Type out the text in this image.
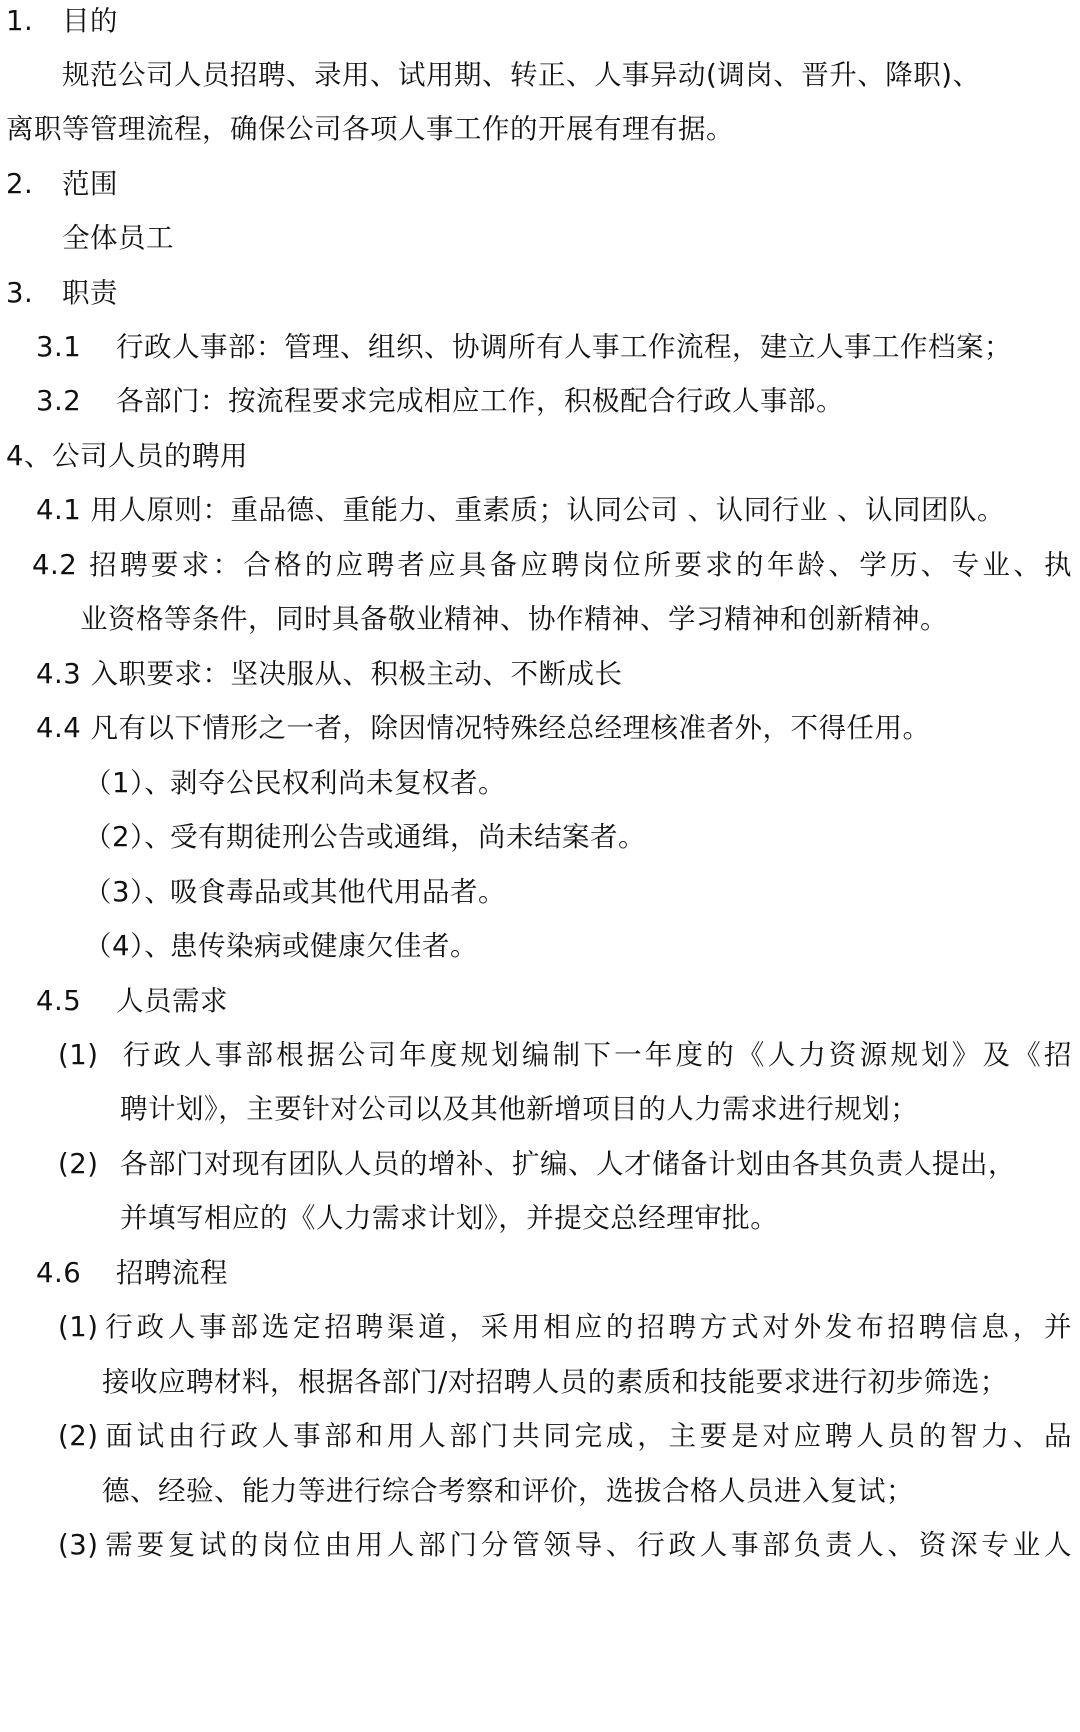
1. 目的

规范公司人员招聘、录用、试用期、转正、人事异动(调岗、晋升、降职)、

离职等管理流程，确保公司各项人事工作的开展有理有据。

2. 范围

全体员工

3. 职责

3.1 行政人事部：管理、组织、协调所有人事工作流程，建立人事工作档案；

3.2 各部门：按流程要求完成相应工作，积极配合行政人事部。

4、公司人员的聘用

4.1 用人原则：重品德、重能力、重素质；认同公司 、认同行业 、认同团队。

4.2 招聘要求：合格的应聘者应具备应聘岗位所要求的年龄、学历、专业、执

业资格等条件，同时具备敬业精神、协作精神、学习精神和创新精神。

4.3 入职要求：坚决服从、积极主动、不断成长

4.4 凡有以下情形之一者，除因情况特殊经总经理核准者外，不得任用。

（1）、剥夺公民权利尚未复权者。

（2）、受有期徒刑公告或通缉，尚未结案者。

（3）、吸食毒品或其他代用品者。

（4）、患传染病或健康欠佳者。

4.5 人员需求

(1) 行政人事部根据公司年度规划编制下一年度的《人力资源规划》及《招

聘计划》，主要针对公司以及其他新增项目的人力需求进行规划；

(2) 各部门对现有团队人员的增补、扩编、人才储备计划由各其负责人提出，

并填写相应的《人力需求计划》，并提交总经理审批。

4.6 招聘流程

(1) 行政人事部选定招聘渠道，采用相应的招聘方式对外发布招聘信息，并

接收应聘材料，根据各部门/对招聘人员的素质和技能要求进行初步筛选；

(2) 面试由行政人事部和用人部门共同完成，主要是对应聘人员的智力、品

德、经验、能力等进行综合考察和评价，选拔合格人员进入复试；

(3) 需要复试的岗位由用人部门分管领导、行政人事部负责人、资深专业人
